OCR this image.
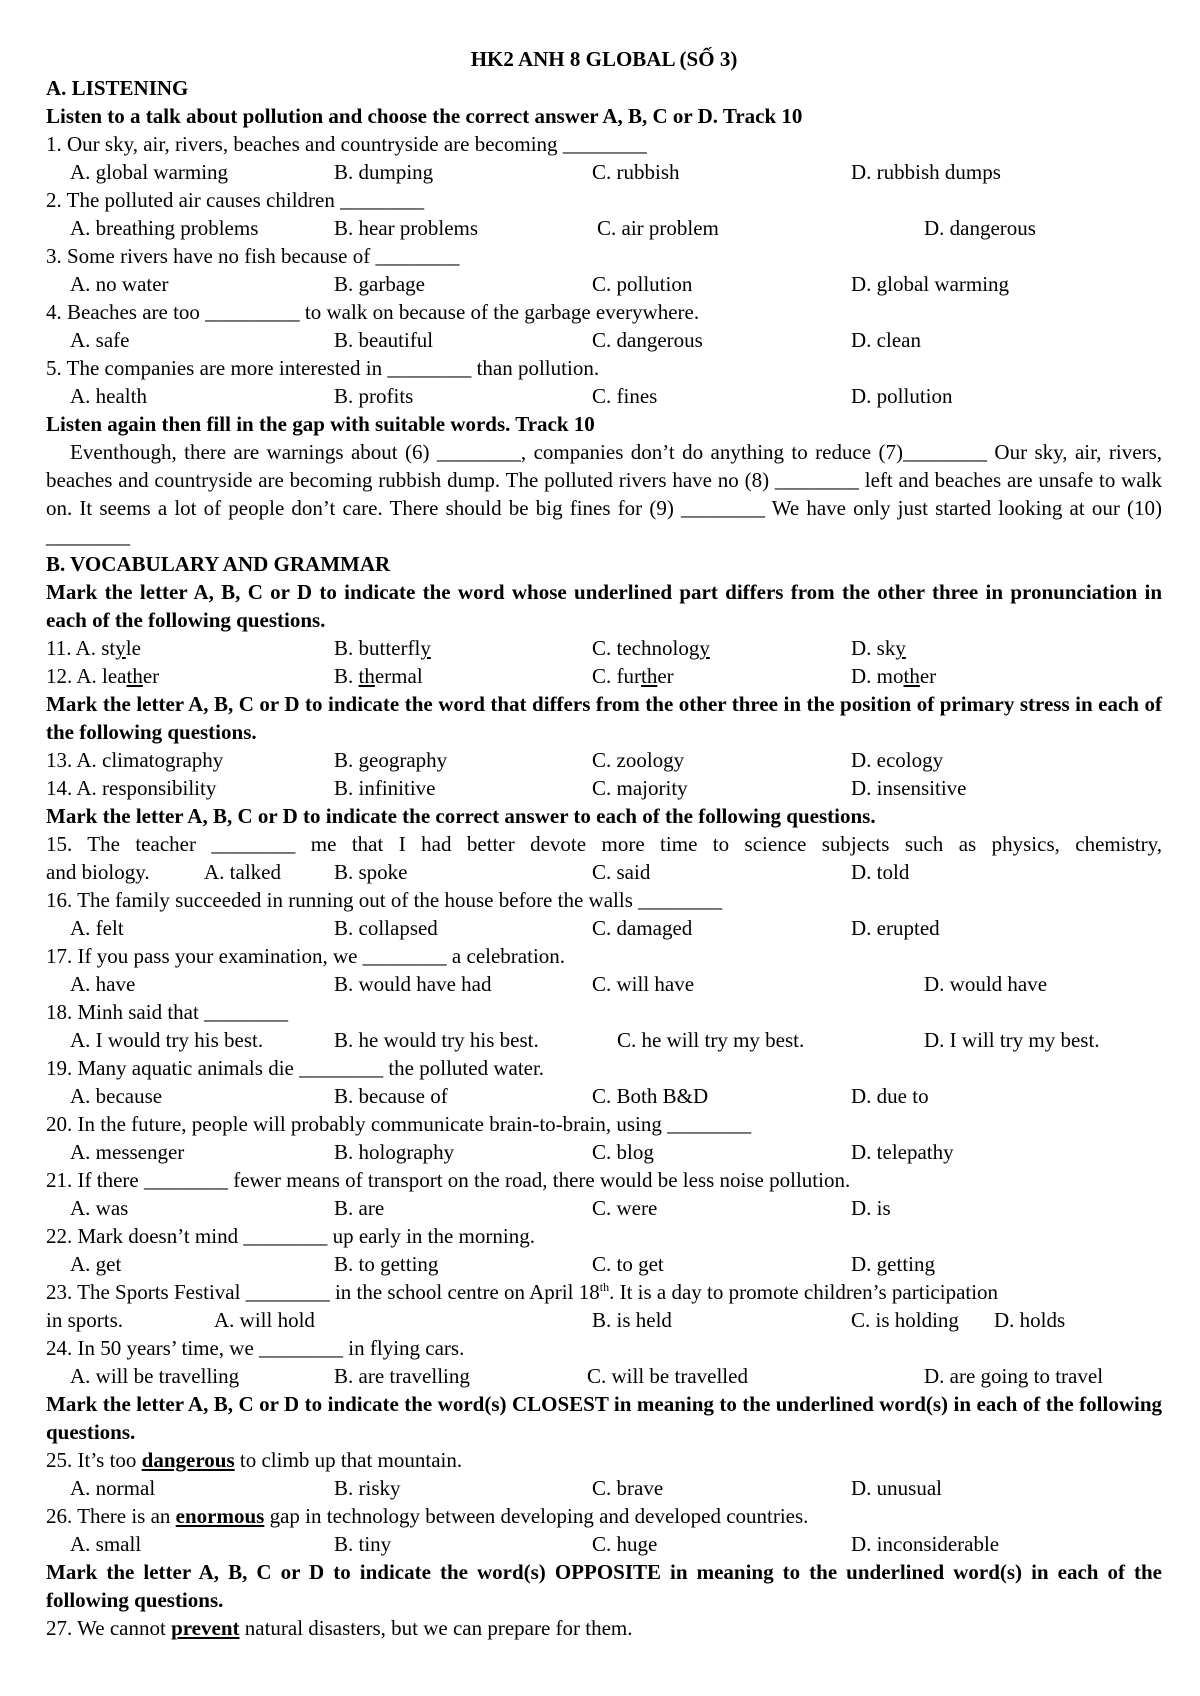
HK2 ANH 8 GLOBAL (SỐ 3)
A. LISTENING
Listen to a talk about pollution and choose the correct answer A, B, C or D. Track 10
1. Our sky, air, rivers, beaches and countryside are becoming ________
A. global warming	B. dumping	C. rubbish	D. rubbish dumps
2. The polluted air causes children ________
A. breathing problems	B. hear problems	C. air problem	D. dangerous
3. Some rivers have no fish because of ________
A. no water	B. garbage	C. pollution	D. global warming
4. Beaches are too _________ to walk on because of the garbage everywhere.
A. safe	B. beautiful	C. dangerous	D. clean
5. The companies are more interested in ________ than pollution.
A. health	B. profits	C. fines	D. pollution
Listen again then fill in the gap with suitable words. Track 10
Eventhough, there are warnings about (6) ________, companies don’t do anything to reduce (7)________ Our sky, air, rivers, beaches and countryside are becoming rubbish dump. The polluted rivers have no (8) ________ left and beaches are unsafe to walk on. It seems a lot of people don’t care. There should be big fines for (9) ________ We have only just started looking at our (10) ________
B. VOCABULARY AND GRAMMAR
Mark the letter A, B, C or D to indicate the word whose underlined part differs from the other three in pronunciation in each of the following questions.
11. A. style	B. butterfly	C. technology	D. sky
12. A. leather	B. thermal	C. further	D. mother
Mark the letter A, B, C or D to indicate the word that differs from the other three in the position of primary stress in each of the following questions.
13. A. climatography	B. geography	C. zoology	D. ecology
14. A. responsibility	B. infinitive	C. majority	D. insensitive
Mark the letter A, B, C or D to indicate the correct answer to each of the following questions.
15. The teacher ________ me that I had better devote more time to science subjects such as physics, chemistry,
and biology.	A. talked	B. spoke	C. said	D. told
16. The family succeeded in running out of the house before the walls ________
A. felt	B. collapsed	C. damaged	D. erupted
17. If you pass your examination, we ________ a celebration.
A. have	B. would have had	C. will have	D. would have
18. Minh said that ________
A. I would try his best.	B. he would try his best.	C. he will try my best.	D. I will try my best.
19. Many aquatic animals die ________ the polluted water.
A. because	B. because of	C. Both B&D	D. due to
20. In the future, people will probably communicate brain-to-brain, using ________
A. messenger	B. holography	C. blog	D. telepathy
21. If there ________ fewer means of transport on the road, there would be less noise pollution.
A. was	B. are	C. were	D. is
22. Mark doesn’t mind ________ up early in the morning.
A. get	B. to getting	C. to get	D. getting
23. The Sports Festival ________ in the school centre on April 18th. It is a day to promote children’s participation
in sports.	A. will hold	B. is held	C. is holding D. holds
24. In 50 years’ time, we ________ in flying cars.
A. will be travelling	B. are travelling	C. will be travelled	D. are going to travel
Mark the letter A, B, C or D to indicate the word(s) CLOSEST in meaning to the underlined word(s) in each of the following questions.
25. It’s too dangerous to climb up that mountain.
A. normal	B. risky	C. brave	D. unusual
26. There is an enormous gap in technology between developing and developed countries.
A. small	B. tiny	C. huge	D. inconsiderable
Mark the letter A, B, C or D to indicate the word(s) OPPOSITE in meaning to the underlined word(s) in each of the following questions.
27. We cannot prevent natural disasters, but we can prepare for them.
